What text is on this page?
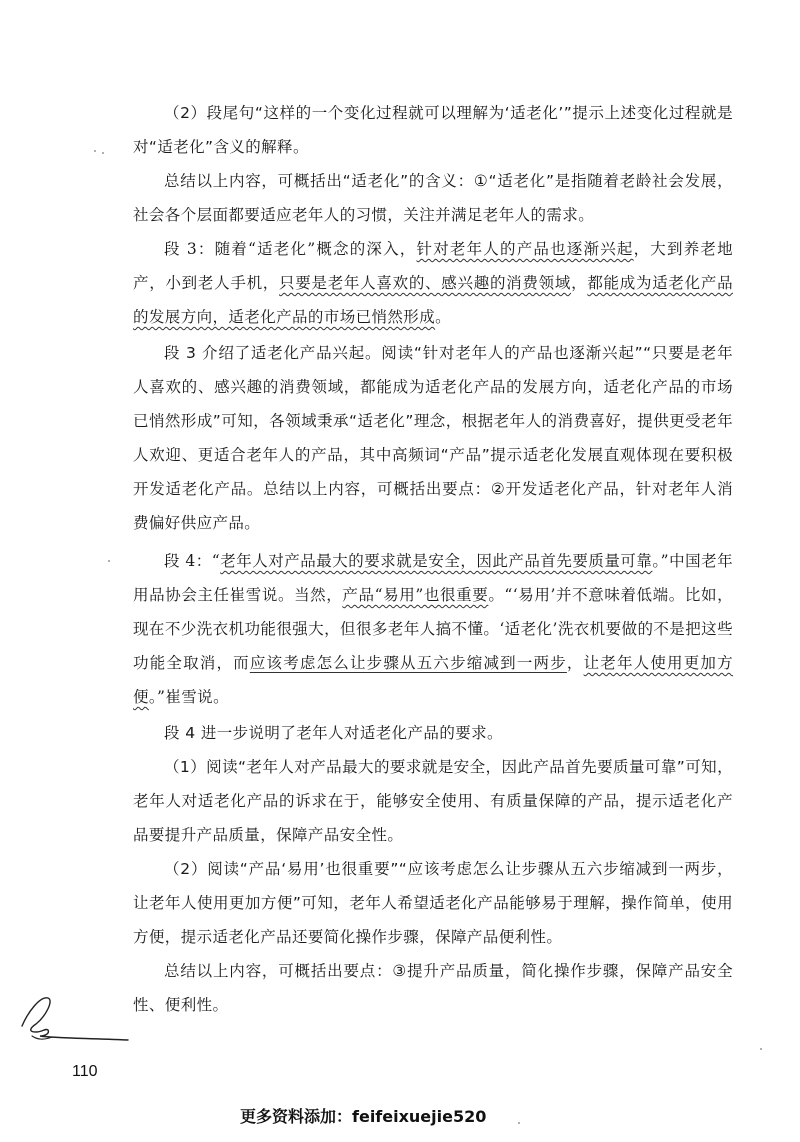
（2）段尾句“这样的一个变化过程就可以理解为‘适老化’”提示上述变化过程就是对“适老化”含义的解释。

总结以上内容，可概括出“适老化”的含义：①“适老化”是指随着老龄社会发展，社会各个层面都要适应老年人的习惯，关注并满足老年人的需求。

段 3：随着“适老化”概念的深入，针对老年人的产品也逐渐兴起，大到养老地产，小到老人手机，只要是老年人喜欢的、感兴趣的消费领域，都能成为适老化产品的发展方向，适老化产品的市场已悄然形成。

段 3 介绍了适老化产品兴起。阅读“针对老年人的产品也逐渐兴起”“只要是老年人喜欢的、感兴趣的消费领域，都能成为适老化产品的发展方向，适老化产品的市场已悄然形成”可知，各领域秉承“适老化”理念，根据老年人的消费喜好，提供更受老年人欢迎、更适合老年人的产品，其中高频词“产品”提示适老化发展直观体现在要积极开发适老化产品。总结以上内容，可概括出要点：②开发适老化产品，针对老年人消费偏好供应产品。

段 4：“老年人对产品最大的要求就是安全，因此产品首先要质量可靠。”中国老年用品协会主任崔雪说。当然，产品“易用”也很重要。“‘易用’并不意味着低端。比如，现在不少洗衣机功能很强大，但很多老年人搞不懂。‘适老化’洗衣机要做的不是把这些功能全取消，而应该考虑怎么让步骤从五六步缩减到一两步，让老年人使用更加方便。”崔雪说。

段 4 进一步说明了老年人对适老化产品的要求。

（1）阅读“老年人对产品最大的要求就是安全，因此产品首先要质量可靠”可知，老年人对适老化产品的诉求在于，能够安全使用、有质量保障的产品，提示适老化产品要提升产品质量，保障产品安全性。

（2）阅读“产品‘易用’也很重要”“应该考虑怎么让步骤从五六步缩减到一两步，让老年人使用更加方便”可知，老年人希望适老化产品能够易于理解，操作简单，使用方便，提示适老化产品还要简化操作步骤，保障产品便利性。

总结以上内容，可概括出要点：③提升产品质量，简化操作步骤，保障产品安全性、便利性。

110
更多资料添加：feifeixuejie520
